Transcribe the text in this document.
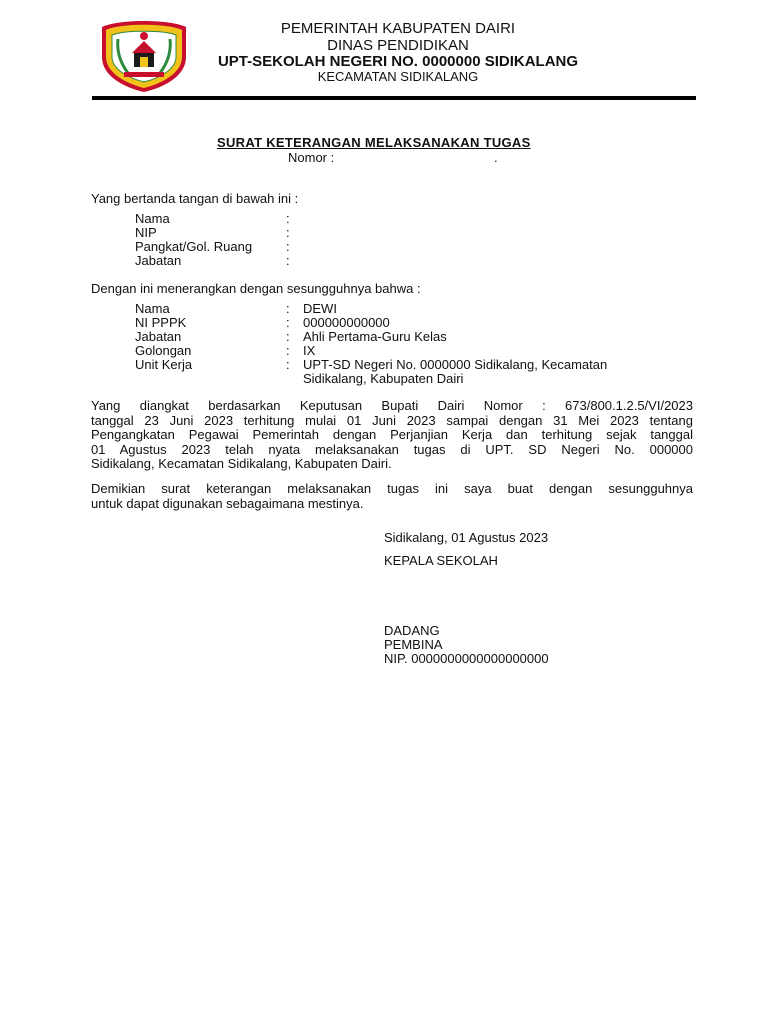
PEMERINTAH KABUPATEN DAIRI
DINAS PENDIDIKAN
UPT-SEKOLAH NEGERI NO. 0000000 SIDIKALANG
KECAMATAN SIDIKALANG
SURAT KETERANGAN MELAKSANAKAN TUGAS
Nomor :	.
Yang bertanda tangan di bawah ini :
Nama	:
NIP	:
Pangkat/Gol. Ruang	:
Jabatan	:
Dengan ini menerangkan dengan sesungguhnya bahwa :
Nama	: DEWI
NI PPPK	: 000000000000
Jabatan	: Ahli Pertama-Guru Kelas
Golongan	: IX
Unit Kerja	: UPT-SD Negeri No. 0000000 Sidikalang, Kecamatan
Sidikalang, Kabupaten Dairi
Yang diangkat berdasarkan Keputusan Bupati Dairi Nomor : 673/800.1.2.5/VI/2023
tanggal 23 Juni 2023 terhitung mulai 01 Juni 2023 sampai dengan 31 Mei 2023 tentang
Pengangkatan Pegawai Pemerintah dengan Perjanjian Kerja dan terhitung sejak tanggal
01 Agustus 2023 telah nyata melaksanakan tugas di UPT. SD Negeri No. 000000
Sidikalang, Kecamatan Sidikalang, Kabupaten Dairi.
Demikian surat keterangan melaksanakan tugas ini saya buat dengan sesungguhnya
untuk dapat digunakan sebagaimana mestinya.
Sidikalang, 01 Agustus 2023
KEPALA SEKOLAH
DADANG
PEMBINA
NIP. 0000000000000000000
